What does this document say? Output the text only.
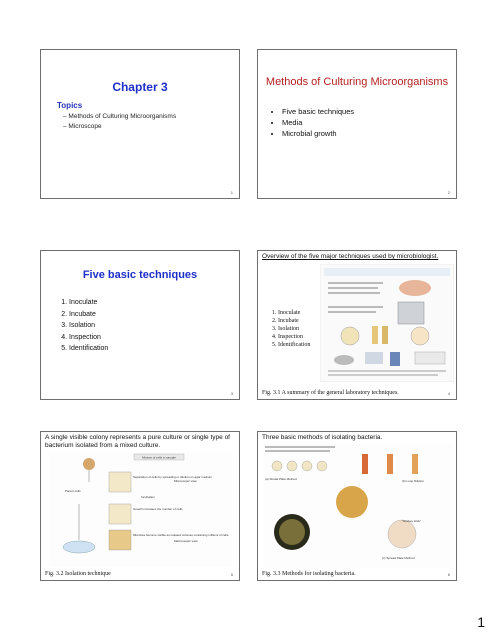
Chapter 3
Topics
– Methods of Culturing Microorganisms
– Microscope
1
Methods of Culturing Microorganisms
• Five basic techniques
• Media
• Microbial growth
2
Five basic techniques
1. Inoculate
2. Incubate
3. Isolation
4. Inspection
5. Identification
3
Overview of the five major techniques used by microbiologist.
1. Inoculate
2. Incubate
3. Isolation
4. Inspection
5. Identification
Fig. 3.1 A summary of the general laboratory techniques.	4
A single visible colony represents a pure culture or single type of bacterium isolated from a mixed culture.
Mixture of cells in sample
Parent cells
Separation of cells by spreading or dilution on agar medium
Microscopic view
Incubation
Growth increases the number of cells
Microbes become visible as isolated colonies containing millions of cells
Macroscopic view
Fig. 3.2 Isolation technique	5
Three basic methods of isolating bacteria.
(a) Streak Plate Method	(b) Loop Dilution
"Hockey stick"
(c) Spread Plate Method
Fig. 3.3 Methods for isolating bacteria.	6
1
